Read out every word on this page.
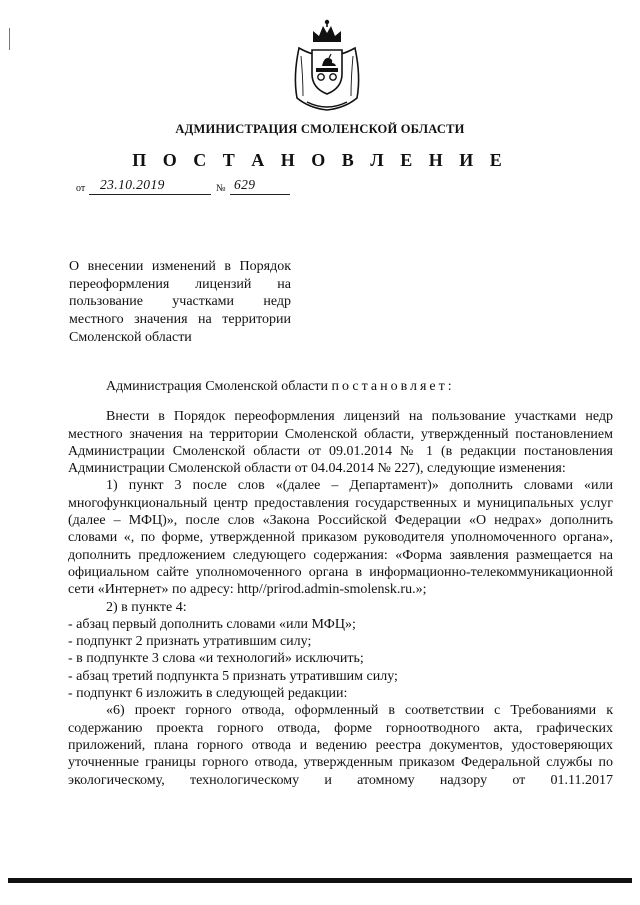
АДМИНИСТРАЦИЯ СМОЛЕНСКОЙ ОБЛАСТИ
П О С Т А Н О В Л Е Н И Е
от 23.10.2019	№ 629
О внесении изменений в Порядок переоформления лицензий на пользование участками недр местного значения на территории Смоленской области

Администрация Смоленской области постановляет:

Внести в Порядок переоформления лицензий на пользование участками недр местного значения на территории Смоленской области, утвержденный постановлением Администрации Смоленской области от 09.01.2014 № 1 (в редакции постановления Администрации Смоленской области от 04.04.2014 № 227), следующие изменения:

1) пункт 3 после слов «(далее – Департамент)» дополнить словами «или многофункциональный центр предоставления государственных и муниципальных услуг (далее – МФЦ)», после слов «Закона Российской Федерации «О недрах» дополнить словами «, по форме, утвержденной приказом руководителя уполномоченного органа», дополнить предложением следующего содержания: «Форма заявления размещается на официальном сайте уполномоченного органа в информационно-телекоммуникационной сети «Интернет» по адресу: http//prirod.admin-smolensk.ru.»;

2) в пункте 4:

- абзац первый дополнить словами «или МФЦ»;

- подпункт 2 признать утратившим силу;

- в подпункте 3 слова «и технологий» исключить;

- абзац третий подпункта 5 признать утратившим силу;

- подпункт 6 изложить в следующей редакции:

«6) проект горного отвода, оформленный в соответствии с Требованиями к содержанию проекта горного отвода, форме горноотводного акта, графических приложений, плана горного отвода и ведению реестра документов, удостоверяющих уточненные границы горного отвода, утвержденным приказом Федеральной службы по экологическому, технологическому и атомному надзору от 01.11.2017
